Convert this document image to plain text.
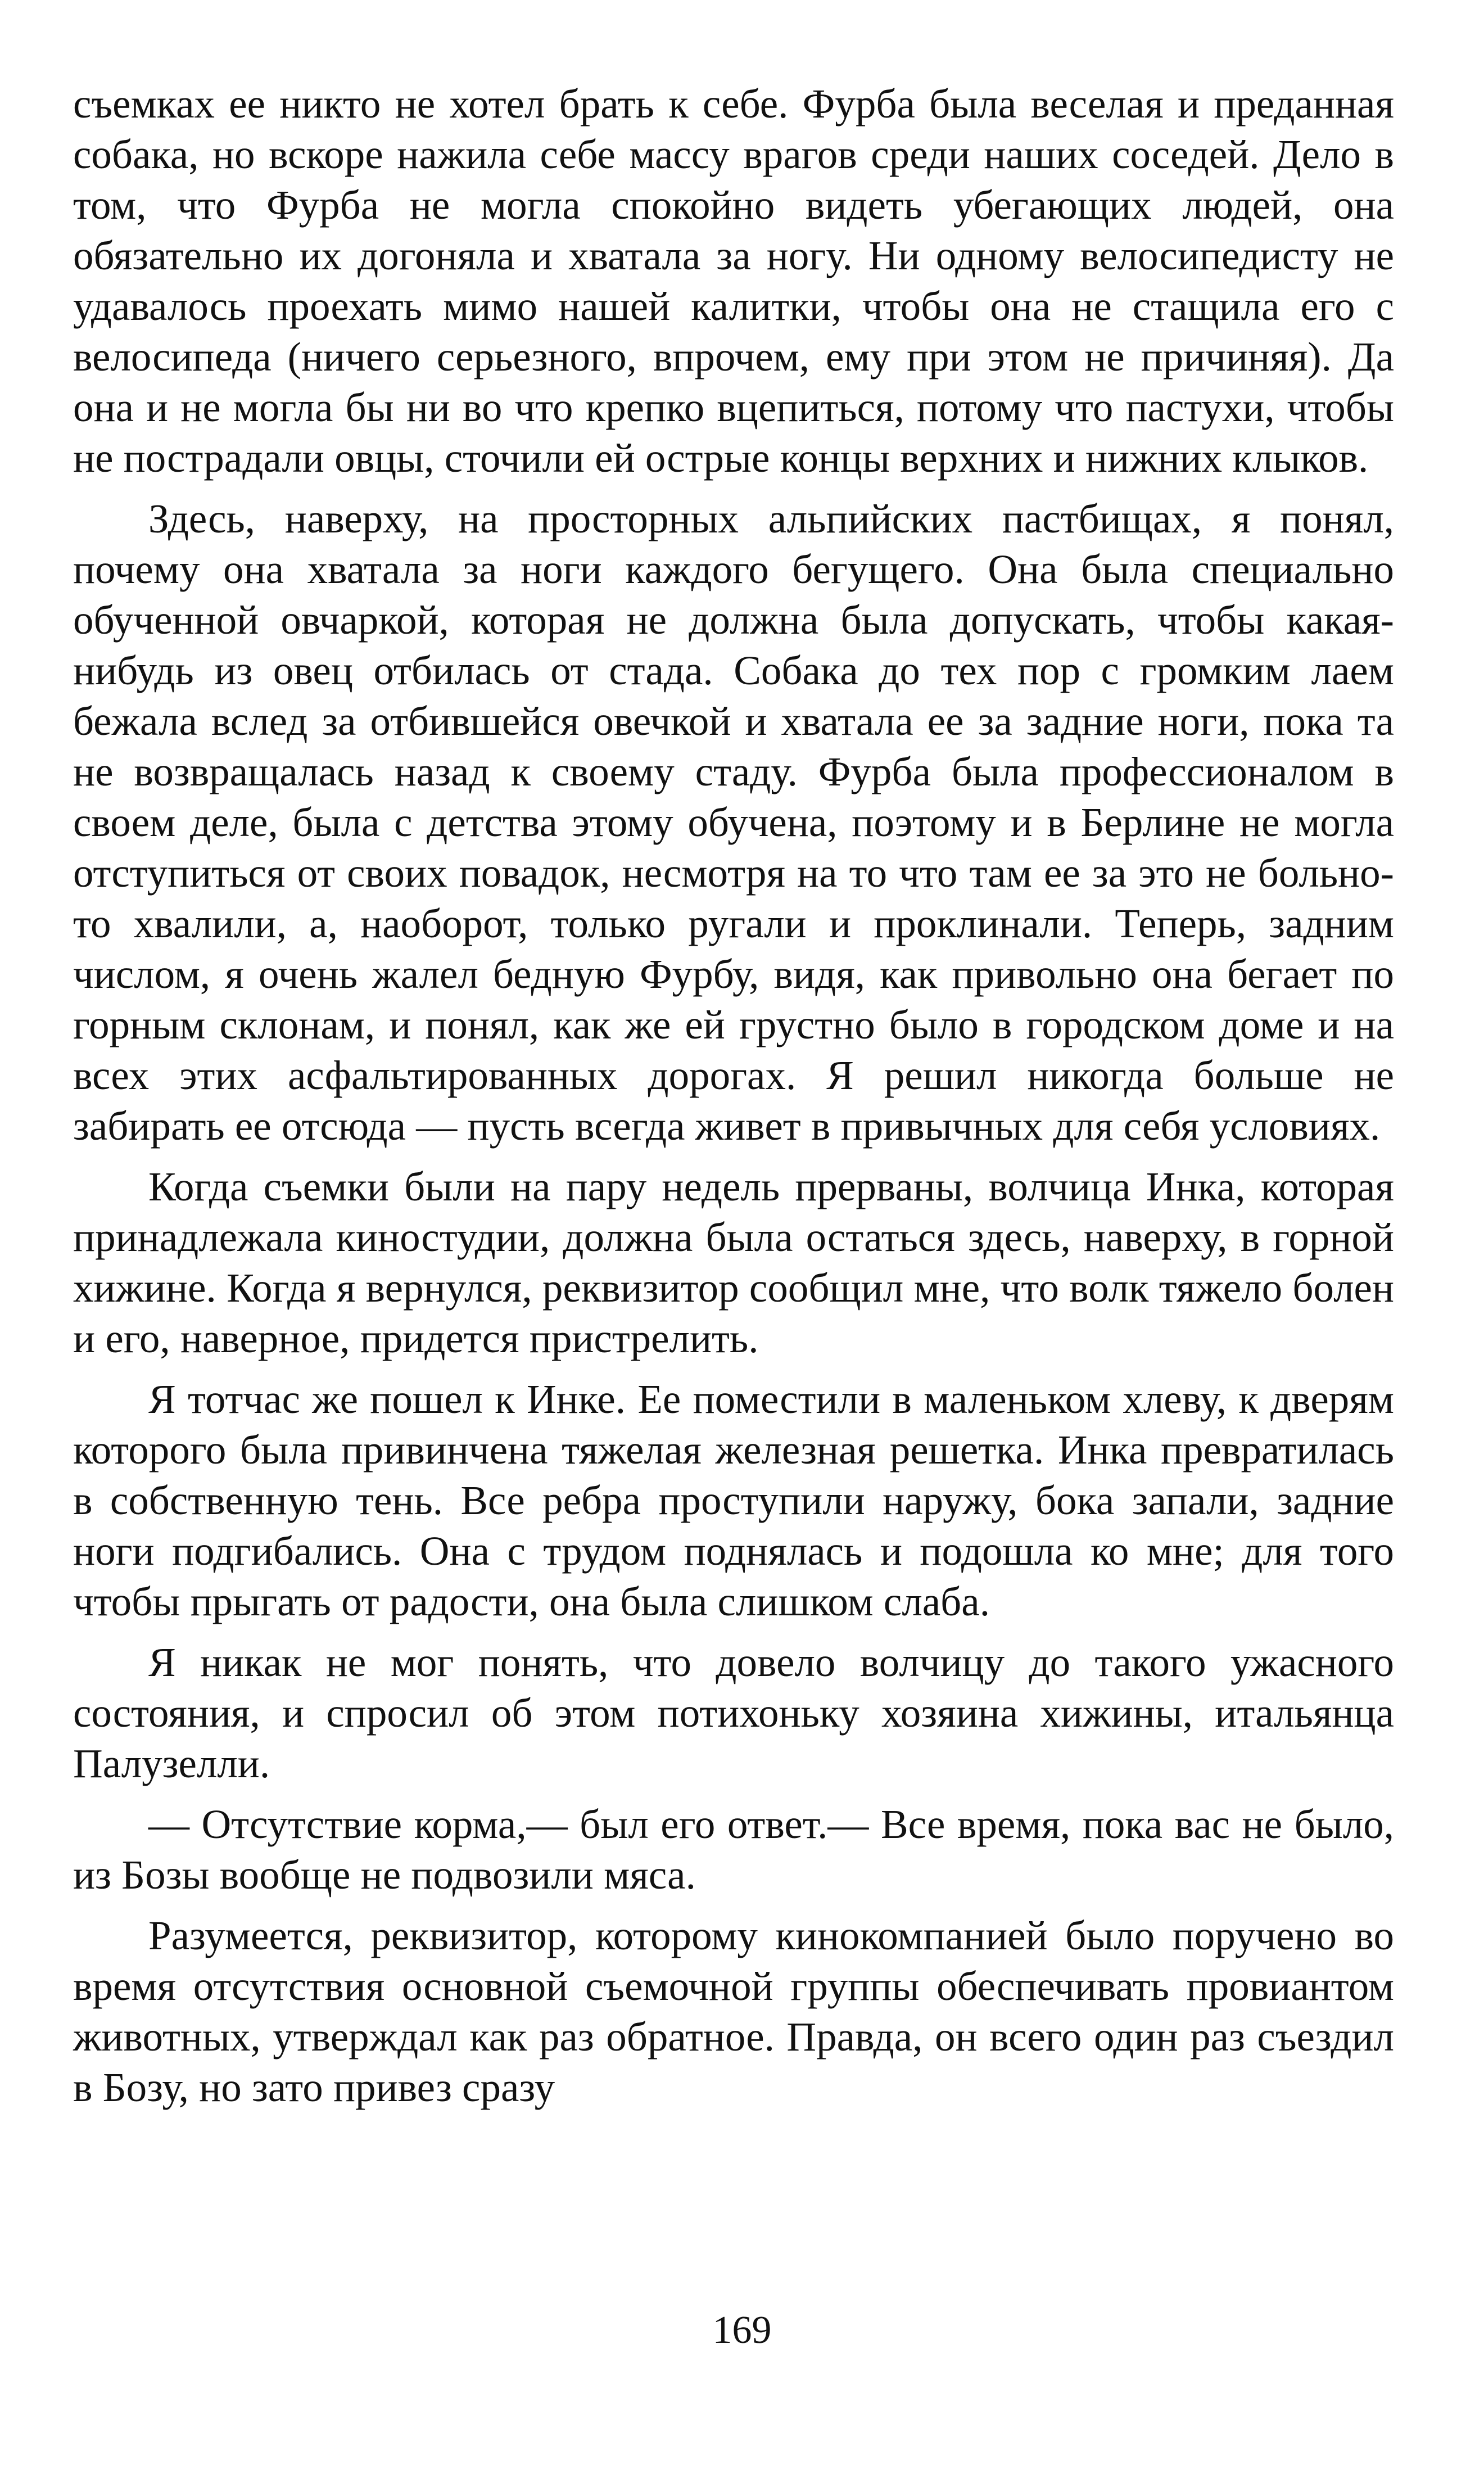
съемках ее никто не хотел брать к себе. Фурба была веселая и преданная собака, но вскоре нажила себе массу врагов среди наших соседей. Дело в том, что Фурба не могла спокойно видеть убегающих людей, она обязательно их догоняла и хватала за ногу. Ни одному велосипедисту не удавалось проехать мимо нашей калитки, чтобы она не стащила его с велосипеда (ничего серьезного, впрочем, ему при этом не причиняя). Да она и не могла бы ни во что крепко вцепиться, потому что пастухи, чтобы не пострадали овцы, сточили ей острые концы верхних и нижних клыков.

Здесь, наверху, на просторных альпийских пастбищах, я понял, почему она хватала за ноги каждого бегущего. Она была специально обученной овчаркой, которая не должна была допускать, чтобы какая-нибудь из овец отбилась от стада. Собака до тех пор с громким лаем бежала вслед за отбившейся овечкой и хватала ее за задние ноги, пока та не возвращалась назад к своему стаду. Фурба была профессионалом в своем деле, была с детства этому обучена, поэтому и в Берлине не могла отступиться от своих повадок, несмотря на то что там ее за это не больно-то хвалили, а, наоборот, только ругали и проклинали. Теперь, задним числом, я очень жалел бедную Фурбу, видя, как привольно она бегает по горным склонам, и понял, как же ей грустно было в городском доме и на всех этих асфальтированных дорогах. Я решил никогда больше не забирать ее отсюда — пусть всегда живет в привычных для себя условиях.

Когда съемки были на пару недель прерваны, волчица Инка, которая принадлежала киностудии, должна была остаться здесь, наверху, в горной хижине. Когда я вернулся, реквизитор сообщил мне, что волк тяжело болен и его, наверное, придется пристрелить.

Я тотчас же пошел к Инке. Ее поместили в маленьком хлеву, к дверям которого была привинчена тяжелая железная решетка. Инка превратилась в собственную тень. Все ребра проступили наружу, бока запали, задние ноги подгибались. Она с трудом поднялась и подошла ко мне; для того чтобы прыгать от радости, она была слишком слаба.

Я никак не мог понять, что довело волчицу до такого ужасного состояния, и спросил об этом потихоньку хозяина хижины, итальянца Палузелли.

— Отсутствие корма,— был его ответ.— Все время, пока вас не было, из Бозы вообще не подвозили мяса.

Разумеется, реквизитор, которому кинокомпанией было поручено во время отсутствия основной съемочной группы обеспечивать провиантом животных, утверждал как раз обратное. Правда, он всего один раз съездил в Бозу, но зато привез сразу

169
